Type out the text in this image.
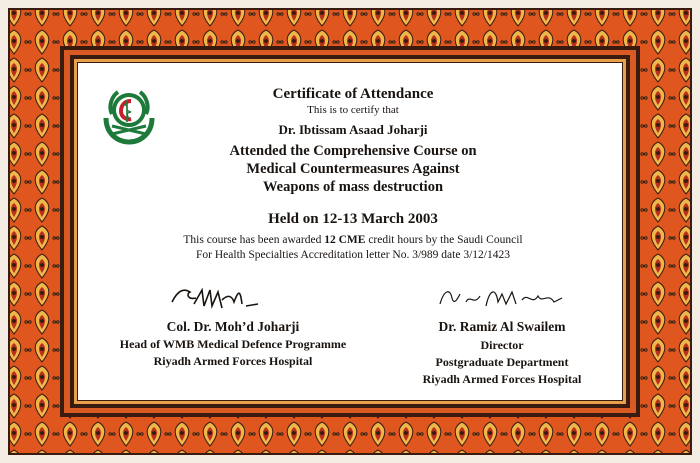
Certificate of Attendance
This is to certify that
Dr. Ibtissam Asaad Joharji
Attended the Comprehensive Course on
Medical Countermeasures Against
Weapons of mass destruction
Held on 12-13 March 2003
This course has been awarded 12 CME credit hours by the Saudi Council
For Health Specialties Accreditation letter No. 3/989 date 3/12/1423
Col. Dr. Moh’d Joharji
Head of WMB Medical Defence Programme
Riyadh Armed Forces Hospital
Dr. Ramiz Al Swailem
Director
Postgraduate Department
Riyadh Armed Forces Hospital
